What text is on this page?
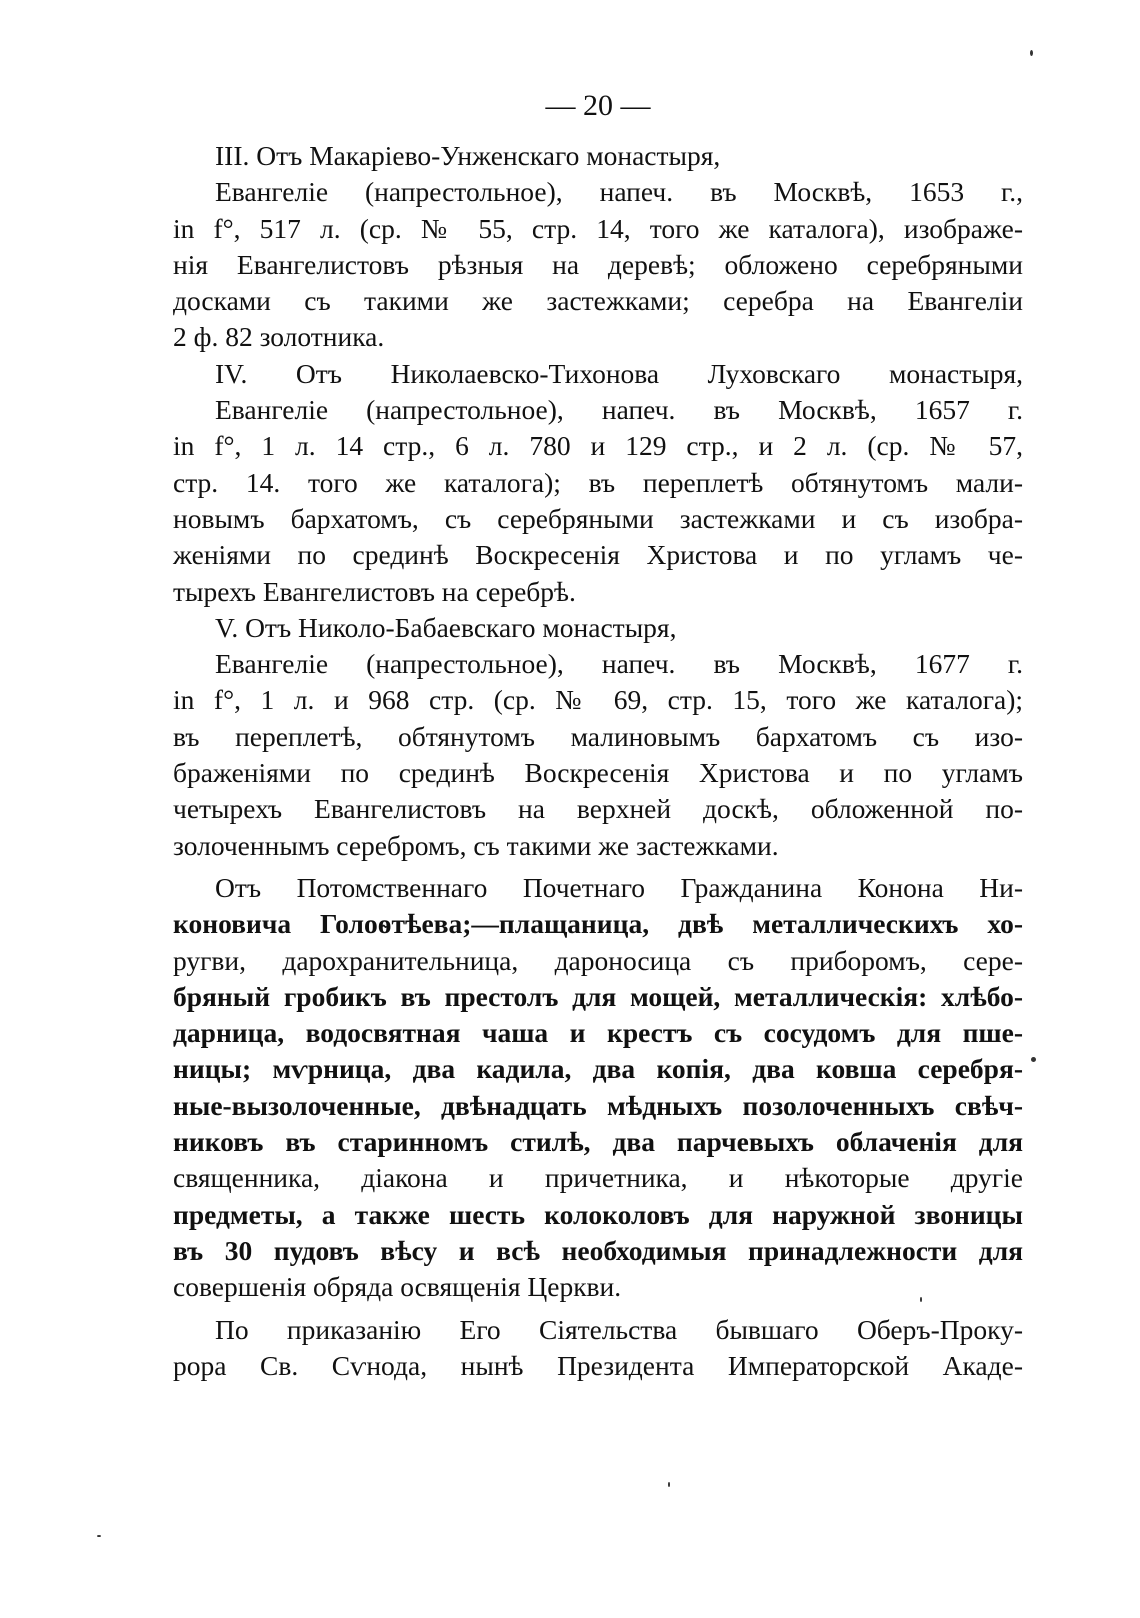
— 20 —
III. Отъ Макаріево-Унженскаго монастыря,
Евангеліе (напрестольное), напеч. въ Москвѣ, 1653 г.,
in f°, 517 л. (ср. № 55, стр. 14, того же каталога), изображе-
нія Евангелистовъ рѣзныя на деревѣ; обложено серебряными
досками съ такими же застежками; серебра на Евангеліи
2 ф. 82 золотника.
IV. Отъ Николаевско-Тихонова Луховскаго монастыря,
Евангеліе (напрестольное), напеч. въ Москвѣ, 1657 г.
in f°, 1 л. 14 стр., 6 л. 780 и 129 стр., и 2 л. (ср. № 57,
стр. 14. того же каталога); въ переплетѣ обтянутомъ мали-
новымъ бархатомъ, съ серебряными застежками и съ изобра-
женіями по срединѣ Воскресенія Христова и по угламъ че-
тырехъ Евангелистовъ на серебрѣ.
V. Отъ Николо-Бабаевскаго монастыря,
Евангеліе (напрестольное), напеч. въ Москвѣ, 1677 г.
in f°, 1 л. и 968 стр. (ср. № 69, стр. 15, того же каталога);
въ переплетѣ, обтянутомъ малиновымъ бархатомъ съ изо-
браженіями по срединѣ Воскресенія Христова и по угламъ
четырехъ Евангелистовъ на верхней доскѣ, обложенной по-
золоченнымъ серебромъ, съ такими же застежками.
Отъ Потомственнаго Почетнаго Гражданина Конона Ни-
коновича Голоѳтѣева;—плащаница, двѣ металлическихъ хо-
ругви, дарохранительница, дароносица съ приборомъ, сере-
бряный гробикъ въ престолъ для мощей, металлическія: хлѣбо-
дарница, водосвятная чаша и крестъ съ сосудомъ для пше-
ницы; мѵрница, два кадила, два копія, два ковша серебря-
ные-вызолоченные, двѣнадцать мѣдныхъ позолоченныхъ свѣч-
никовъ въ старинномъ стилѣ, два парчевыхъ облаченія для
священника, діакона и причетника, и нѣкоторые другіе
предметы, а также шесть колоколовъ для наружной звоницы
въ 30 пудовъ вѣсу и всѣ необходимыя принадлежности для
совершенія обряда освященія Церкви.
По приказанію Его Сіятельства бывшаго Оберъ-Проку-
рора Св. Сѵнода, нынѣ Президента Императорской Акаде-
